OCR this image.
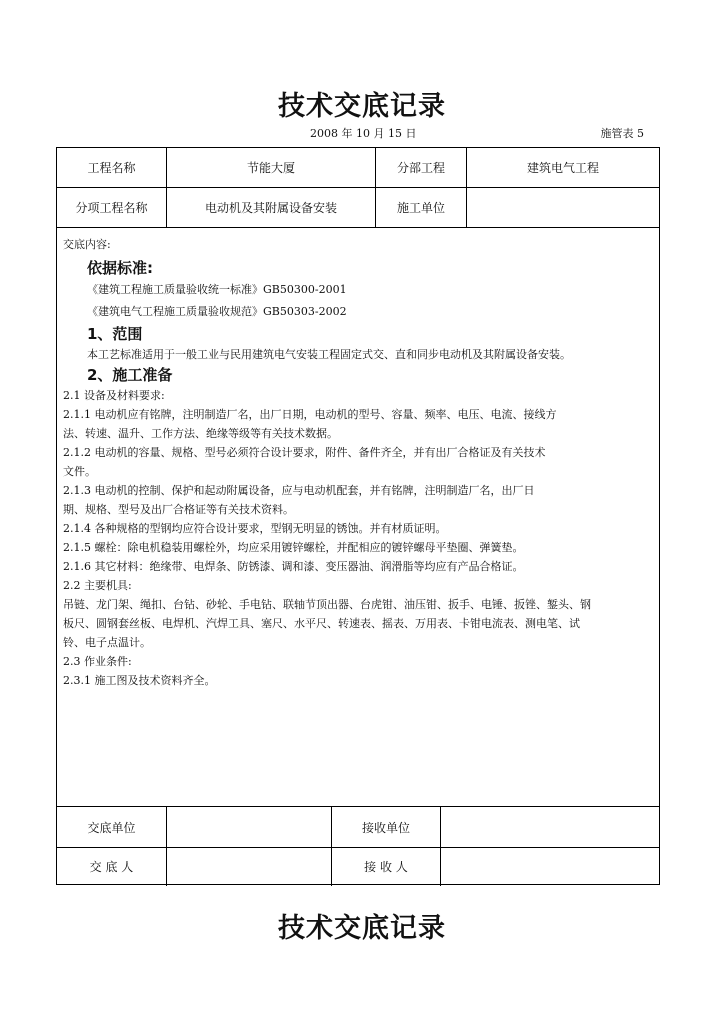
技术交底记录
2008 年 10 月 15 日	施管表 5
工程名称	节能大厦	分部工程	建筑电气工程
分项工程名称	电动机及其附属设备安装	施工单位
交底内容:
依据标准:

《建筑工程施工质量验收统一标准》GB50300-2001

《建筑电气工程施工质量验收规范》GB50303-2002

1、范围

本工艺标准适用于一般工业与民用建筑电气安装工程固定式交、直和同步电动机及其附属设备安装。

2、施工准备

2.1 设备及材料要求:

2.1.1 电动机应有铭牌，注明制造厂名，出厂日期，电动机的型号、容量、频率、电压、电流、接线方

法、转速、温升、工作方法、绝缘等级等有关技术数据。

2.1.2 电动机的容量、规格、型号必须符合设计要求，附件、备件齐全，并有出厂合格证及有关技术

文件。

2.1.3 电动机的控制、保护和起动附属设备，应与电动机配套，并有铭牌，注明制造厂名，出厂日

期、规格、型号及出厂合格证等有关技术资料。

2.1.4 各种规格的型钢均应符合设计要求，型钢无明显的锈蚀。并有材质证明。

2.1.5 螺栓：除电机稳装用螺栓外，均应采用镀锌螺栓，并配相应的镀锌螺母平垫圈、弹簧垫。

2.1.6 其它材料：绝缘带、电焊条、防锈漆、调和漆、变压器油、润滑脂等均应有产品合格证。

2.2 主要机具:

吊链、龙门架、绳扣、台钻、砂轮、手电钻、联轴节顶出器、台虎钳、油压钳、扳手、电锤、扳锉、錾头、钢

板尺、圆钢套丝板、电焊机、汽焊工具、塞尺、水平尺、转速表、摇表、万用表、卡钳电流表、测电笔、试

铃、电子点温计。

2.3 作业条件:

2.3.1 施工图及技术资料齐全。

交底单位	接收单位
交 底 人	接 收 人
技术交底记录
